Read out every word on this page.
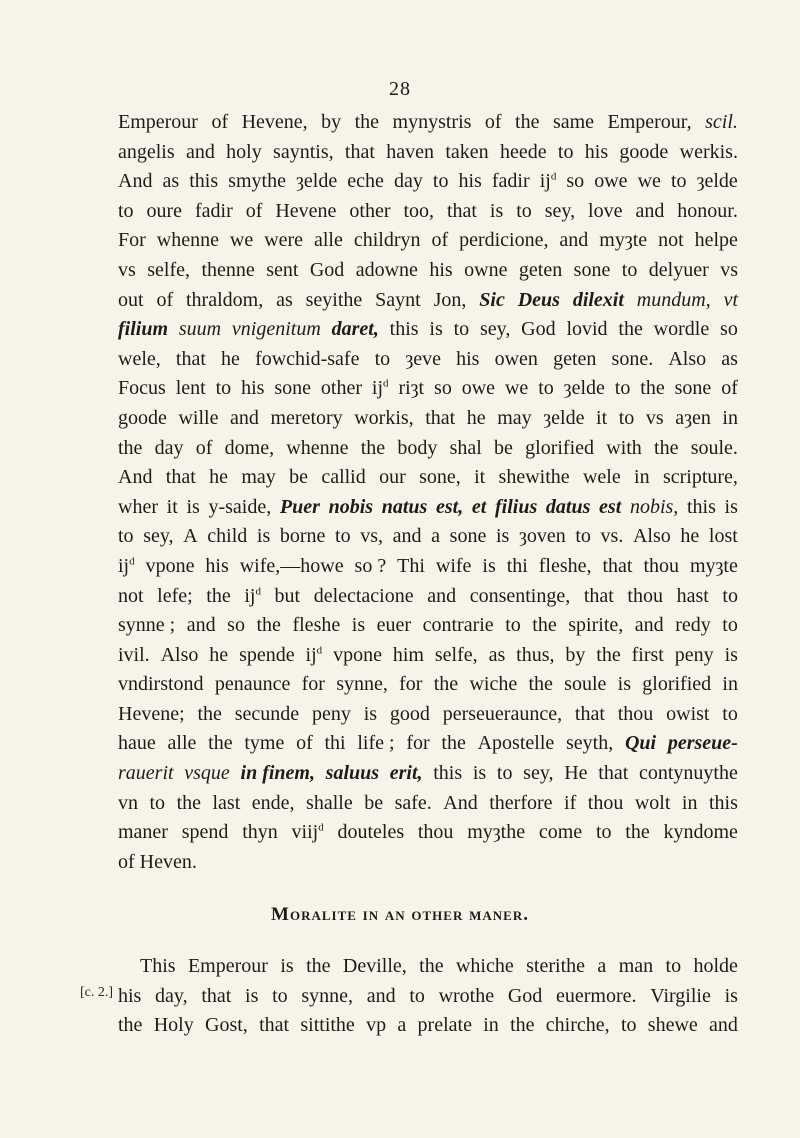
28
Emperour of Hevene, by the mynystris of the same Emperour, scil.
angelis and holy sayntis, that haven taken heede to his goode werkis.
And as this smythe ȝelde eche day to his fadir $ij^d$ so owe we to ȝelde
to oure fadir of Hevene other too, that is to sey, love and honour.
For whenne we were alle childryn of perdicione, and myȝte not helpe
vs selfe, thenne sent God adowne his owne geten sone to delyuer vs
out of thraldom, as seyithe Saynt Jon, Sic Deus dilexit mundum, vt
filium suum vnigenitum daret, this is to sey, God lovid the wordle so
wele, that he fowchid-safe to ȝeve his owen geten sone. Also as
Focus lent to his sone other $ij^d$ riȝt so owe we to ȝelde to the sone of
goode wille and meretory workis, that he may ȝelde it to vs aȝen in
the day of dome, whenne the body shal be glorified with the soule.
And that he may be callid our sone, it shewithe wele in scripture,
wher it is y-saide, Puer nobis natus est, et filius datus est nobis, this is
to sey, A child is borne to vs, and a sone is ȝoven to vs. Also he lost
$ij^d$ vpone his wife,—howe so ? Thi wife is thi fleshe, that thou myȝte
not lefe; the $ij^d$ but delectacione and consentinge, that thou hast to
synne ; and so the fleshe is euer contrarie to the spirite, and redy to
ivil. Also he spende $ij^d$ vpone him selfe, as thus, by the first peny is
vndirstond penaunce for synne, for the wiche the soule is glorified in
Hevene; the secunde peny is good perseueraunce, that thou owist to
haue alle the tyme of thi life ; for the Apostelle seyth, Qui perseue-
rauerit vsque in finem, saluus erit, this is to sey, He that contynuythe
vn to the last ende, shalle be safe. And therfore if thou wolt in this
maner spend thyn viij$^d$ douteles thou myȝthe come to the kyndome
of Heven.
Moralite in an other maner.
[c. 2.]
This Emperour is the Deville, the whiche sterithe a man to holde
his day, that is to synne, and to wrothe God euermore. Virgilie is
the Holy Gost, that sittithe vp a prelate in the chirche, to shewe and
